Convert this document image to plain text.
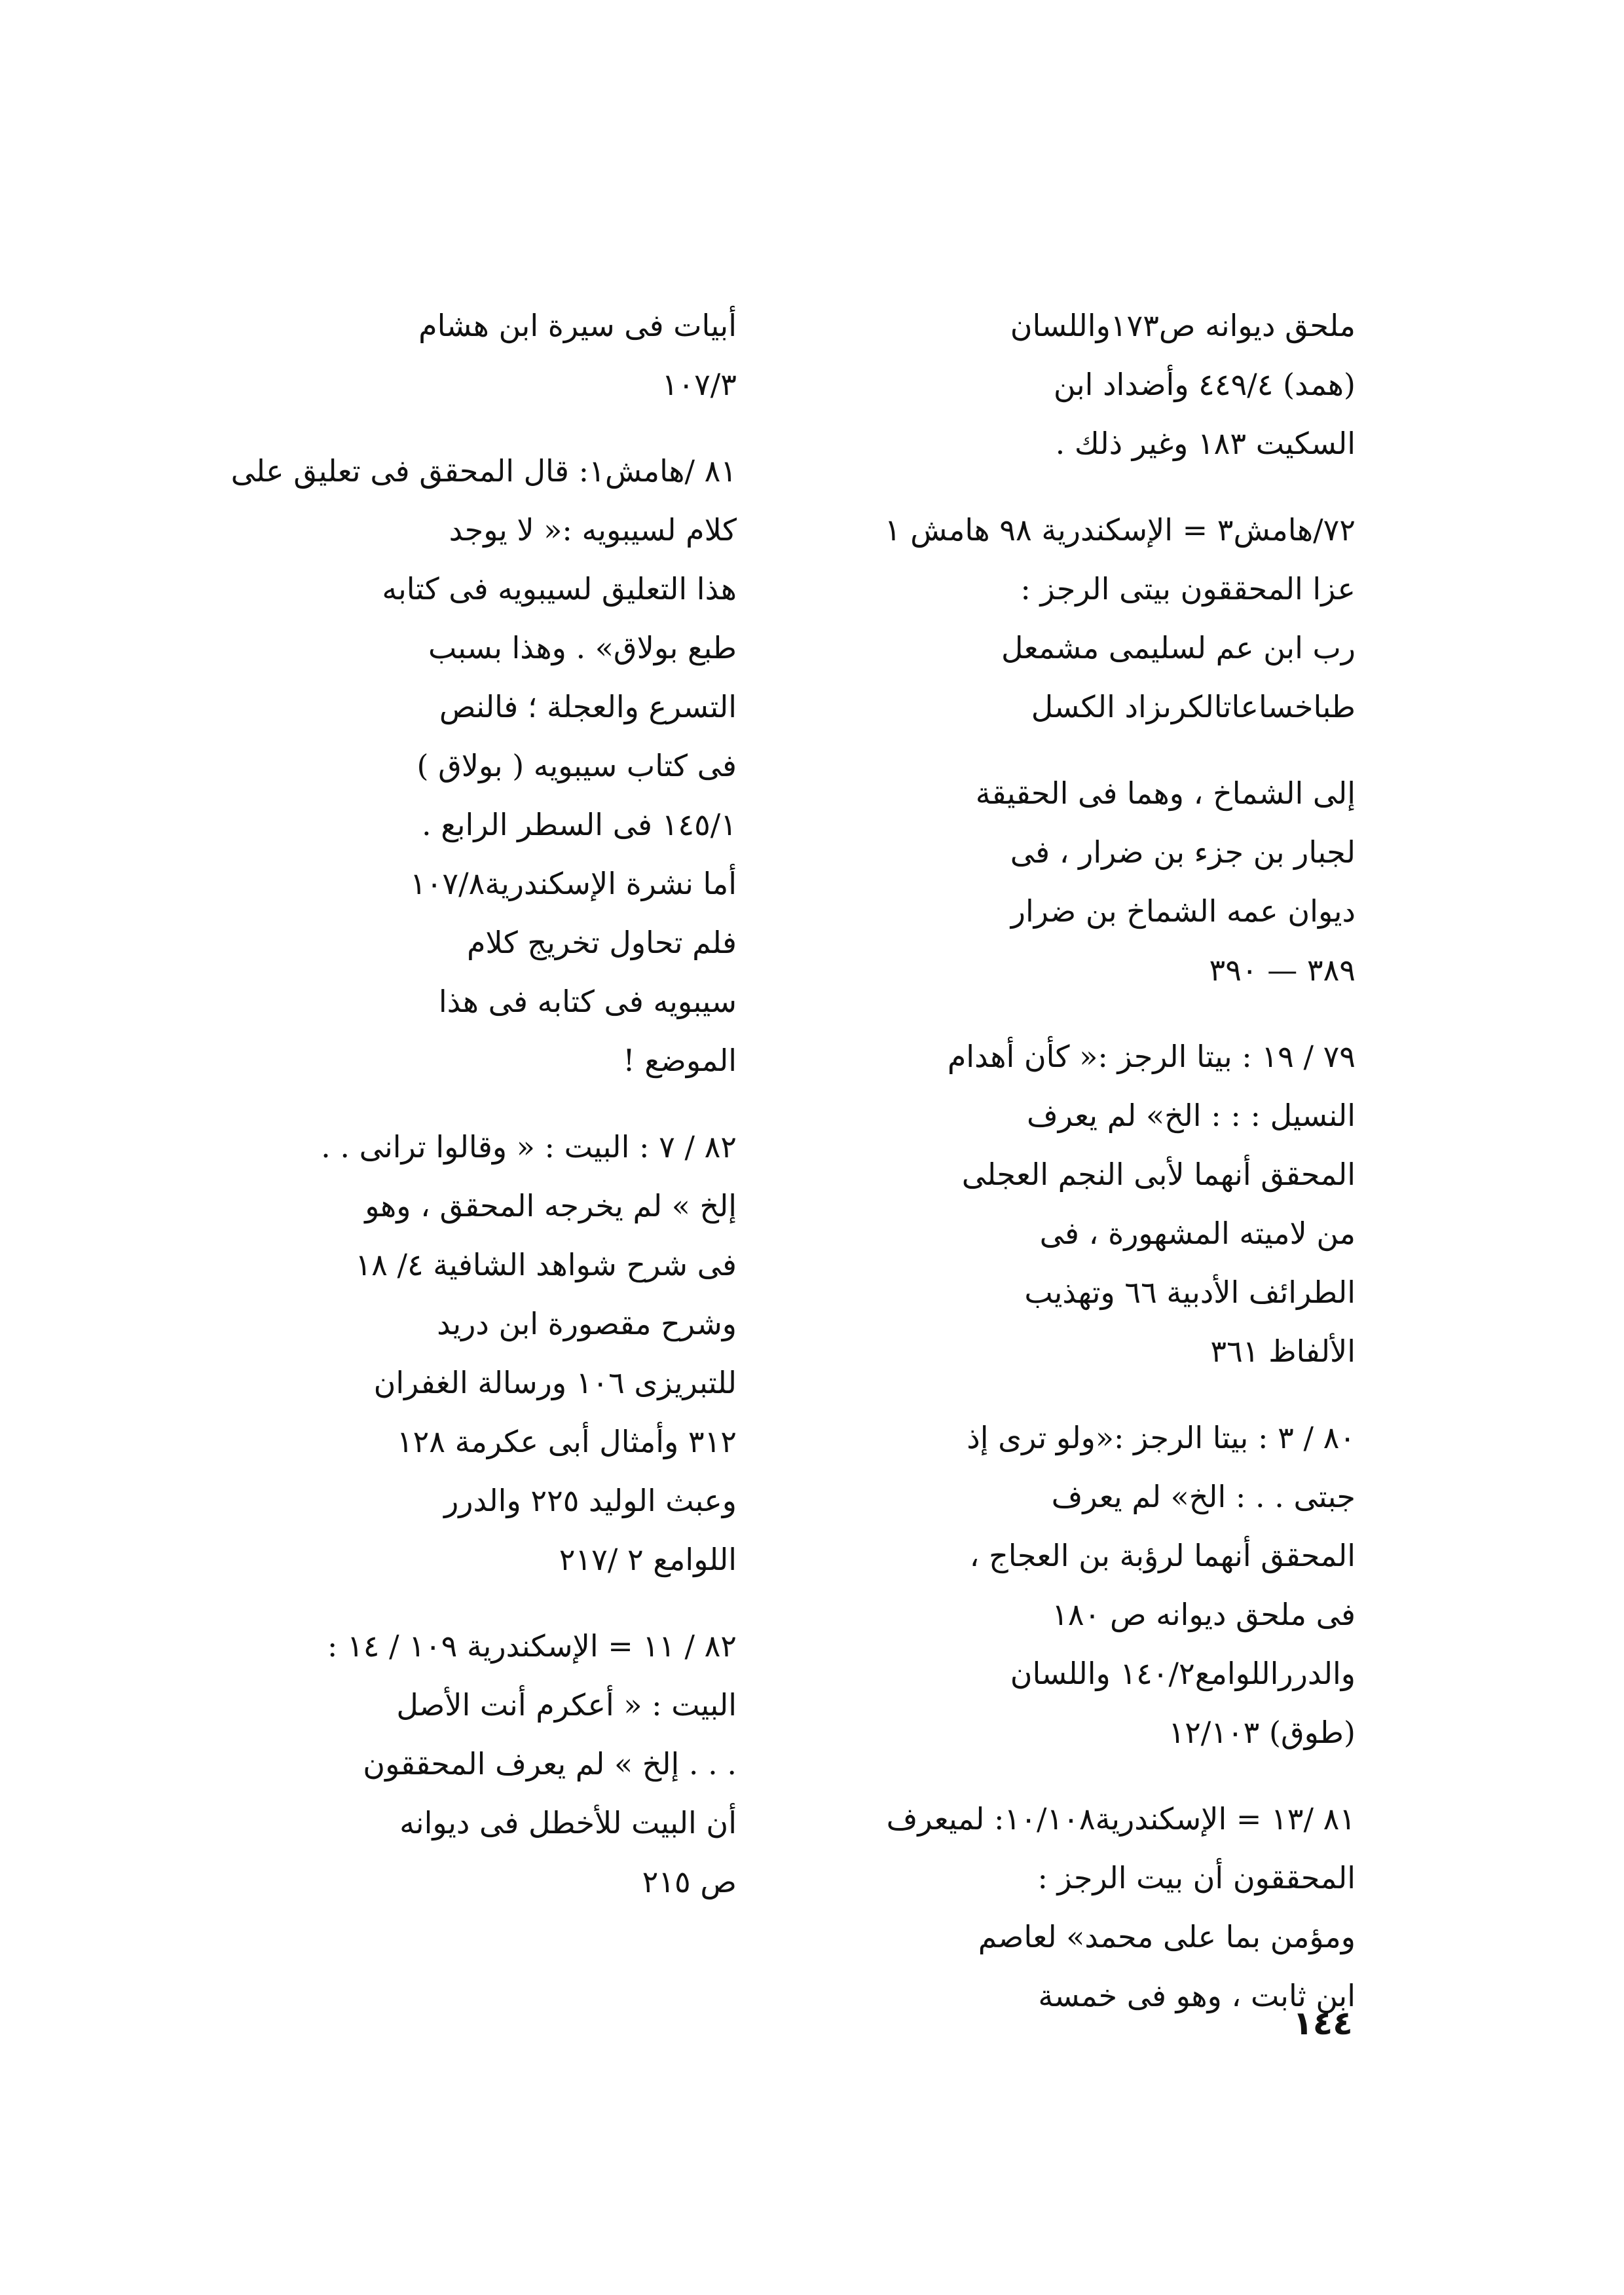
ملحق ديوانه ص١٧٣واللسان
(همد) ٤٤٩/٤ وأضداد ابن
السكيت ١٨٣ وغير ذلك .
٧٢/هامش٣ = الإسكندرية ٩٨ هامش ١
عزا المحققون بيتى الرجز :
رب ابن عم لسليمى مشمعل
طباخساعاتالكرىزاد الكسل
إلى الشماخ ، وهما فى الحقيقة
لجبار بن جزء بن ضرار ، فى
ديوان عمه الشماخ بن ضرار
٣٨٩ — ٣٩٠
٧٩ / ١٩ : بيتا الرجز :« كأن أهدام
النسيل : : : الخ» لم يعرف
المحقق أنهما لأبى النجم العجلى
من لاميته المشهورة ، فى
الطرائف الأدبية ٦٦ وتهذيب
الألفاظ ٣٦١
٨٠ / ٣ : بيتا الرجز :«ولو ترى إذ
جبتى . . : الخ» لم يعرف
المحقق أنهما لرؤبة بن العجاج ،
فى ملحق ديوانه ص ١٨٠
والدرراللوامع١٤٠/٢ واللسان
(طوق) ١٢/١٠٣
٨١ /١٣ = الإسكندرية١٠/١٠٨: لميعرف
المحققون أن بيت الرجز :
ومؤمن بما على محمد» لعاصم
ابن ثابت ، وهو فى خمسة
أبيات فى سيرة ابن هشام
١٠٧/٣
٨١ /هامش١: قال المحقق فى تعليق على
كلام لسيبويه :« لا يوجد
هذا التعليق لسيبويه فى كتابه
طبع بولاق» . وهذا بسبب
التسرع والعجلة ؛ فالنص
فى كتاب سيبويه ( بولاق )
١٤٥/١ فى السطر الرابع .
أما نشرة الإسكندرية١٠٧/٨
فلم تحاول تخريج كلام
سيبويه فى كتابه فى هذا
الموضع !
٨٢ / ٧ : البيت : « وقالوا ترانى . .
إلخ » لم يخرجه المحقق ، وهو
فى شرح شواهد الشافية ٤/ ١٨
وشرح مقصورة ابن دريد
للتبريزى ١٠٦ ورسالة الغفران
٣١٢ وأمثال أبى عكرمة ١٢٨
وعبث الوليد ٢٢٥ والدرر
اللوامع ٢ /٢١٧
٨٢ / ١١ = الإسكندرية ١٠٩ / ١٤ :
البيت : « أعكرم أنت الأصل
. . . إلخ » لم يعرف المحققون
أن البيت للأخطل فى ديوانه
ص ٢١٥
١٤٤
